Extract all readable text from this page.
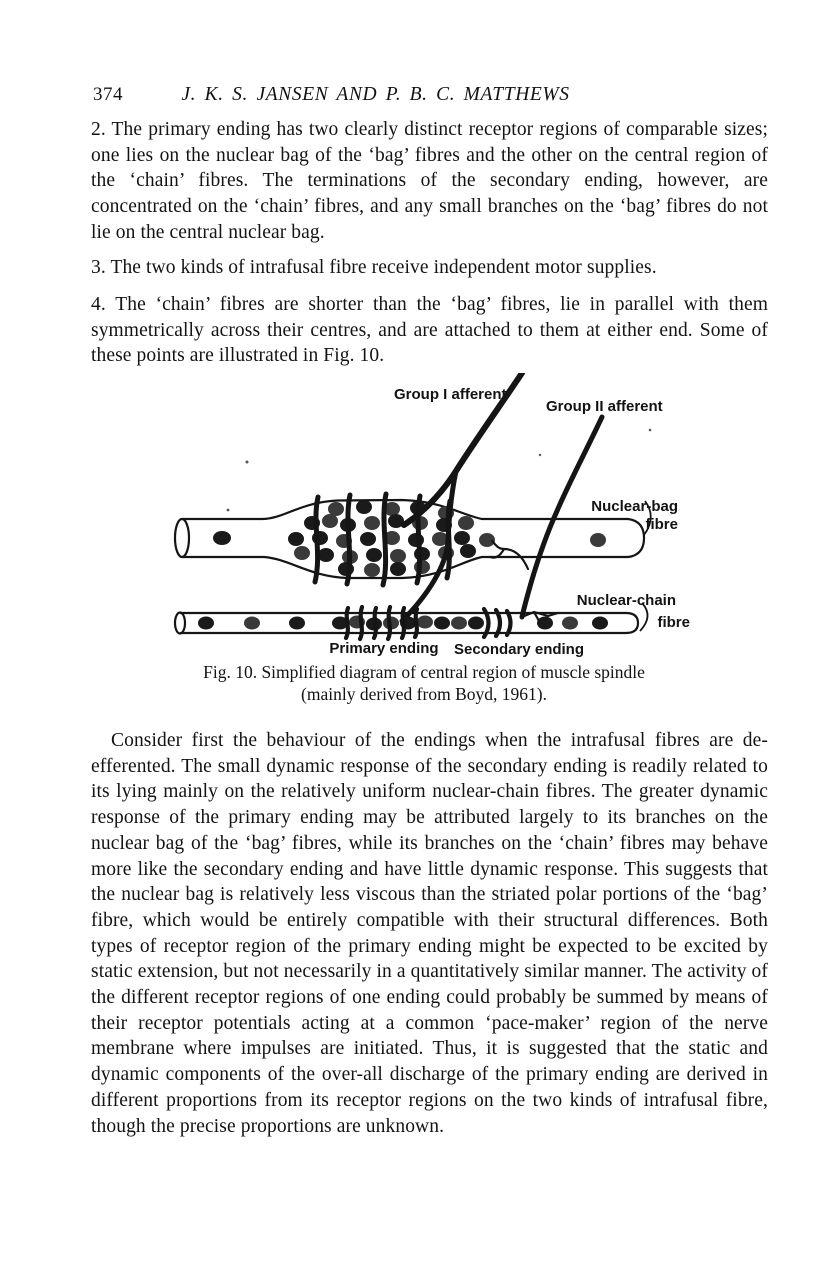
374	J. K. S. JANSEN AND P. B. C. MATTHEWS
2. The primary ending has two clearly distinct receptor regions of comparable sizes; one lies on the nuclear bag of the ‘bag’ fibres and the other on the central region of the ‘chain’ fibres. The terminations of the secondary ending, however, are concentrated on the ‘chain’ fibres, and any small branches on the ‘bag’ fibres do not lie on the central nuclear bag.
3. The two kinds of intrafusal fibre receive independent motor supplies.
4. The ‘chain’ fibres are shorter than the ‘bag’ fibres, lie in parallel with them symmetrically across their centres, and are attached to them at either end. Some of these points are illustrated in Fig. 10.
Group I afferent
Group II afferent
Nuclear-bag
fibre
Nuclear-chain
fibre
Primary ending Secondary ending
Fig. 10. Simplified diagram of central region of muscle spindle
(mainly derived from Boyd, 1961).
Consider first the behaviour of the endings when the intrafusal fibres are de-efferented. The small dynamic response of the secondary ending is readily related to its lying mainly on the relatively uniform nuclear-chain fibres. The greater dynamic response of the primary ending may be attributed largely to its branches on the nuclear bag of the ‘bag’ fibres, while its branches on the ‘chain’ fibres may behave more like the secondary ending and have little dynamic response. This suggests that the nuclear bag is relatively less viscous than the striated polar portions of the ‘bag’ fibre, which would be entirely compatible with their structural differences. Both types of receptor region of the primary ending might be expected to be excited by static extension, but not necessarily in a quantitatively similar manner. The activity of the different receptor regions of one ending could probably be summed by means of their receptor potentials acting at a common ‘pace-maker’ region of the nerve membrane where impulses are initiated. Thus, it is suggested that the static and dynamic components of the over-all discharge of the primary ending are derived in different proportions from its receptor regions on the two kinds of intrafusal fibre, though the precise proportions are unknown.
